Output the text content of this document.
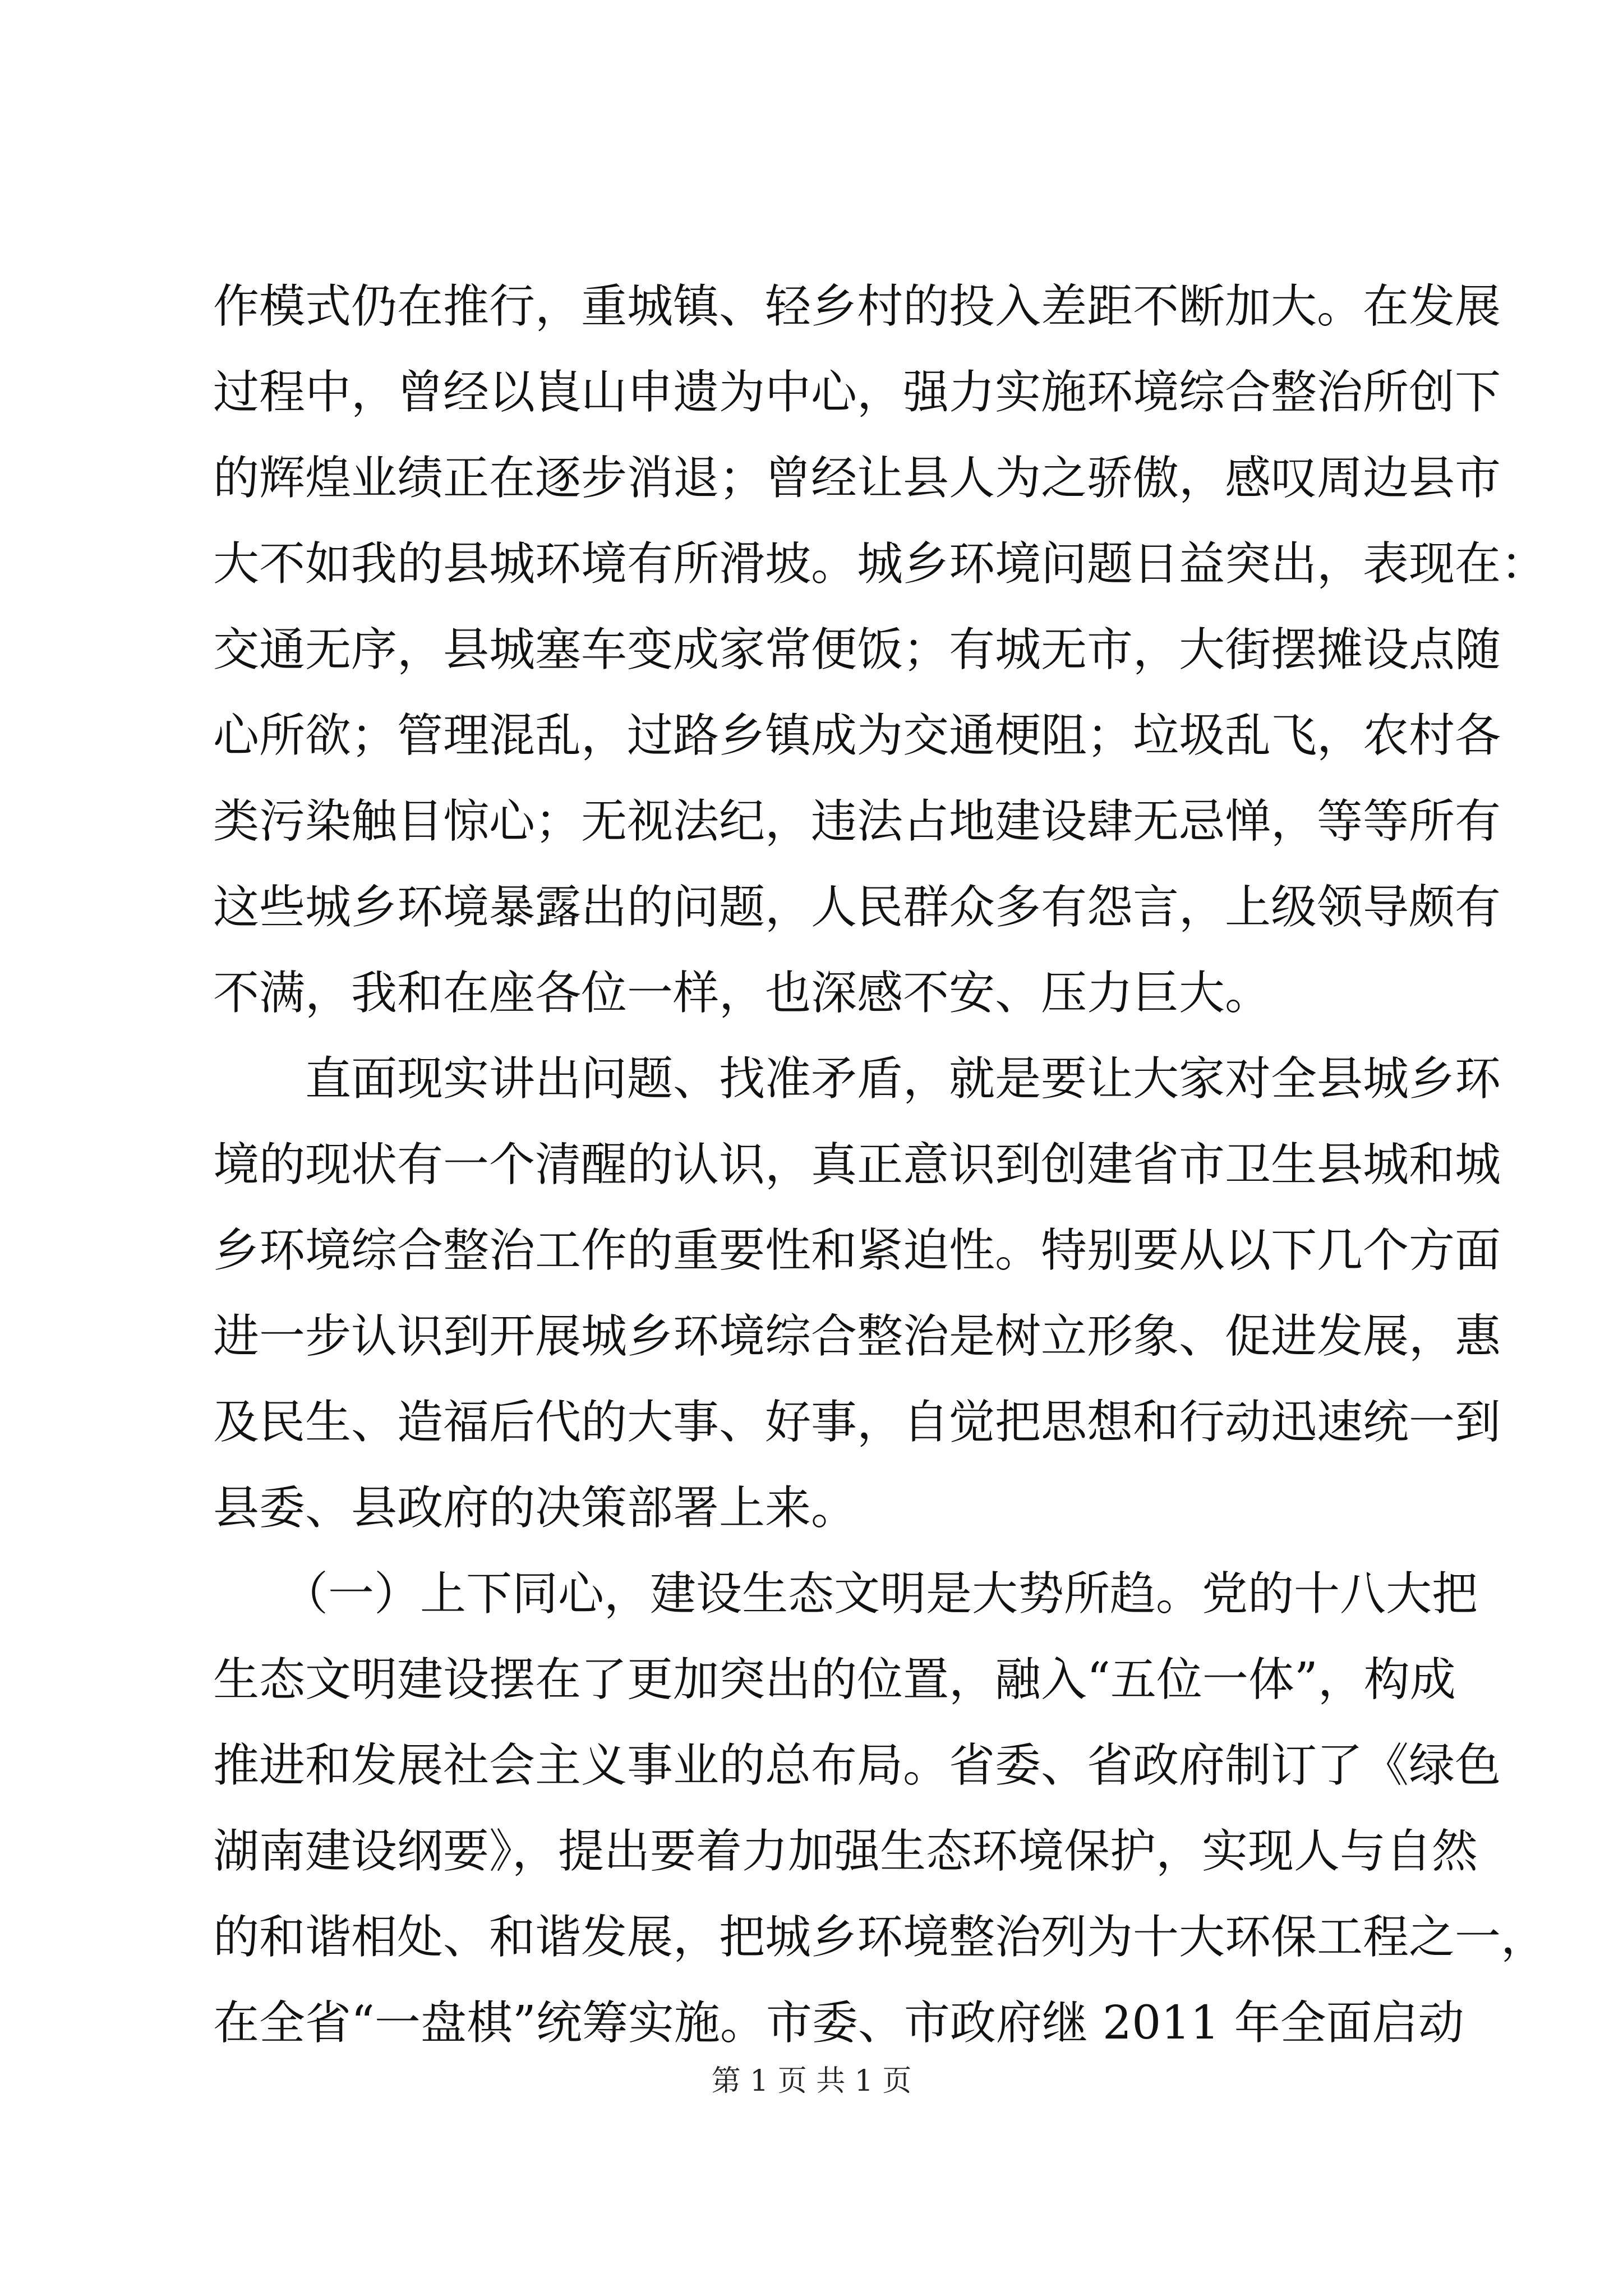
作模式仍在推行，重城镇、轻乡村的投入差距不断加大。在发展
过程中，曾经以崀山申遗为中心，强力实施环境综合整治所创下
的辉煌业绩正在逐步消退；曾经让县人为之骄傲，感叹周边县市
大不如我的县城环境有所滑坡。城乡环境问题日益突出，表现在：
交通无序，县城塞车变成家常便饭；有城无市，大街摆摊设点随
心所欲；管理混乱，过路乡镇成为交通梗阻；垃圾乱飞，农村各
类污染触目惊心；无视法纪，违法占地建设肆无忌惮，等等所有
这些城乡环境暴露出的问题，人民群众多有怨言，上级领导颇有
不满，我和在座各位一样，也深感不安、压力巨大。
　　直面现实讲出问题、找准矛盾，就是要让大家对全县城乡环
境的现状有一个清醒的认识，真正意识到创建省市卫生县城和城
乡环境综合整治工作的重要性和紧迫性。特别要从以下几个方面
进一步认识到开展城乡环境综合整治是树立形象、促进发展，惠
及民生、造福后代的大事、好事，自觉把思想和行动迅速统一到
县委、县政府的决策部署上来。
　　（一）上下同心，建设生态文明是大势所趋。党的十八大把
生态文明建设摆在了更加突出的位置，融入“五位一体”，构成
推进和发展社会主义事业的总布局。省委、省政府制订了《绿色
湖南建设纲要》，提出要着力加强生态环境保护，实现人与自然
的和谐相处、和谐发展，把城乡环境整治列为十大环保工程之一，
在全省“一盘棋”统筹实施。市委、市政府继 2011 年全面启动
第 1 页 共 1 页
